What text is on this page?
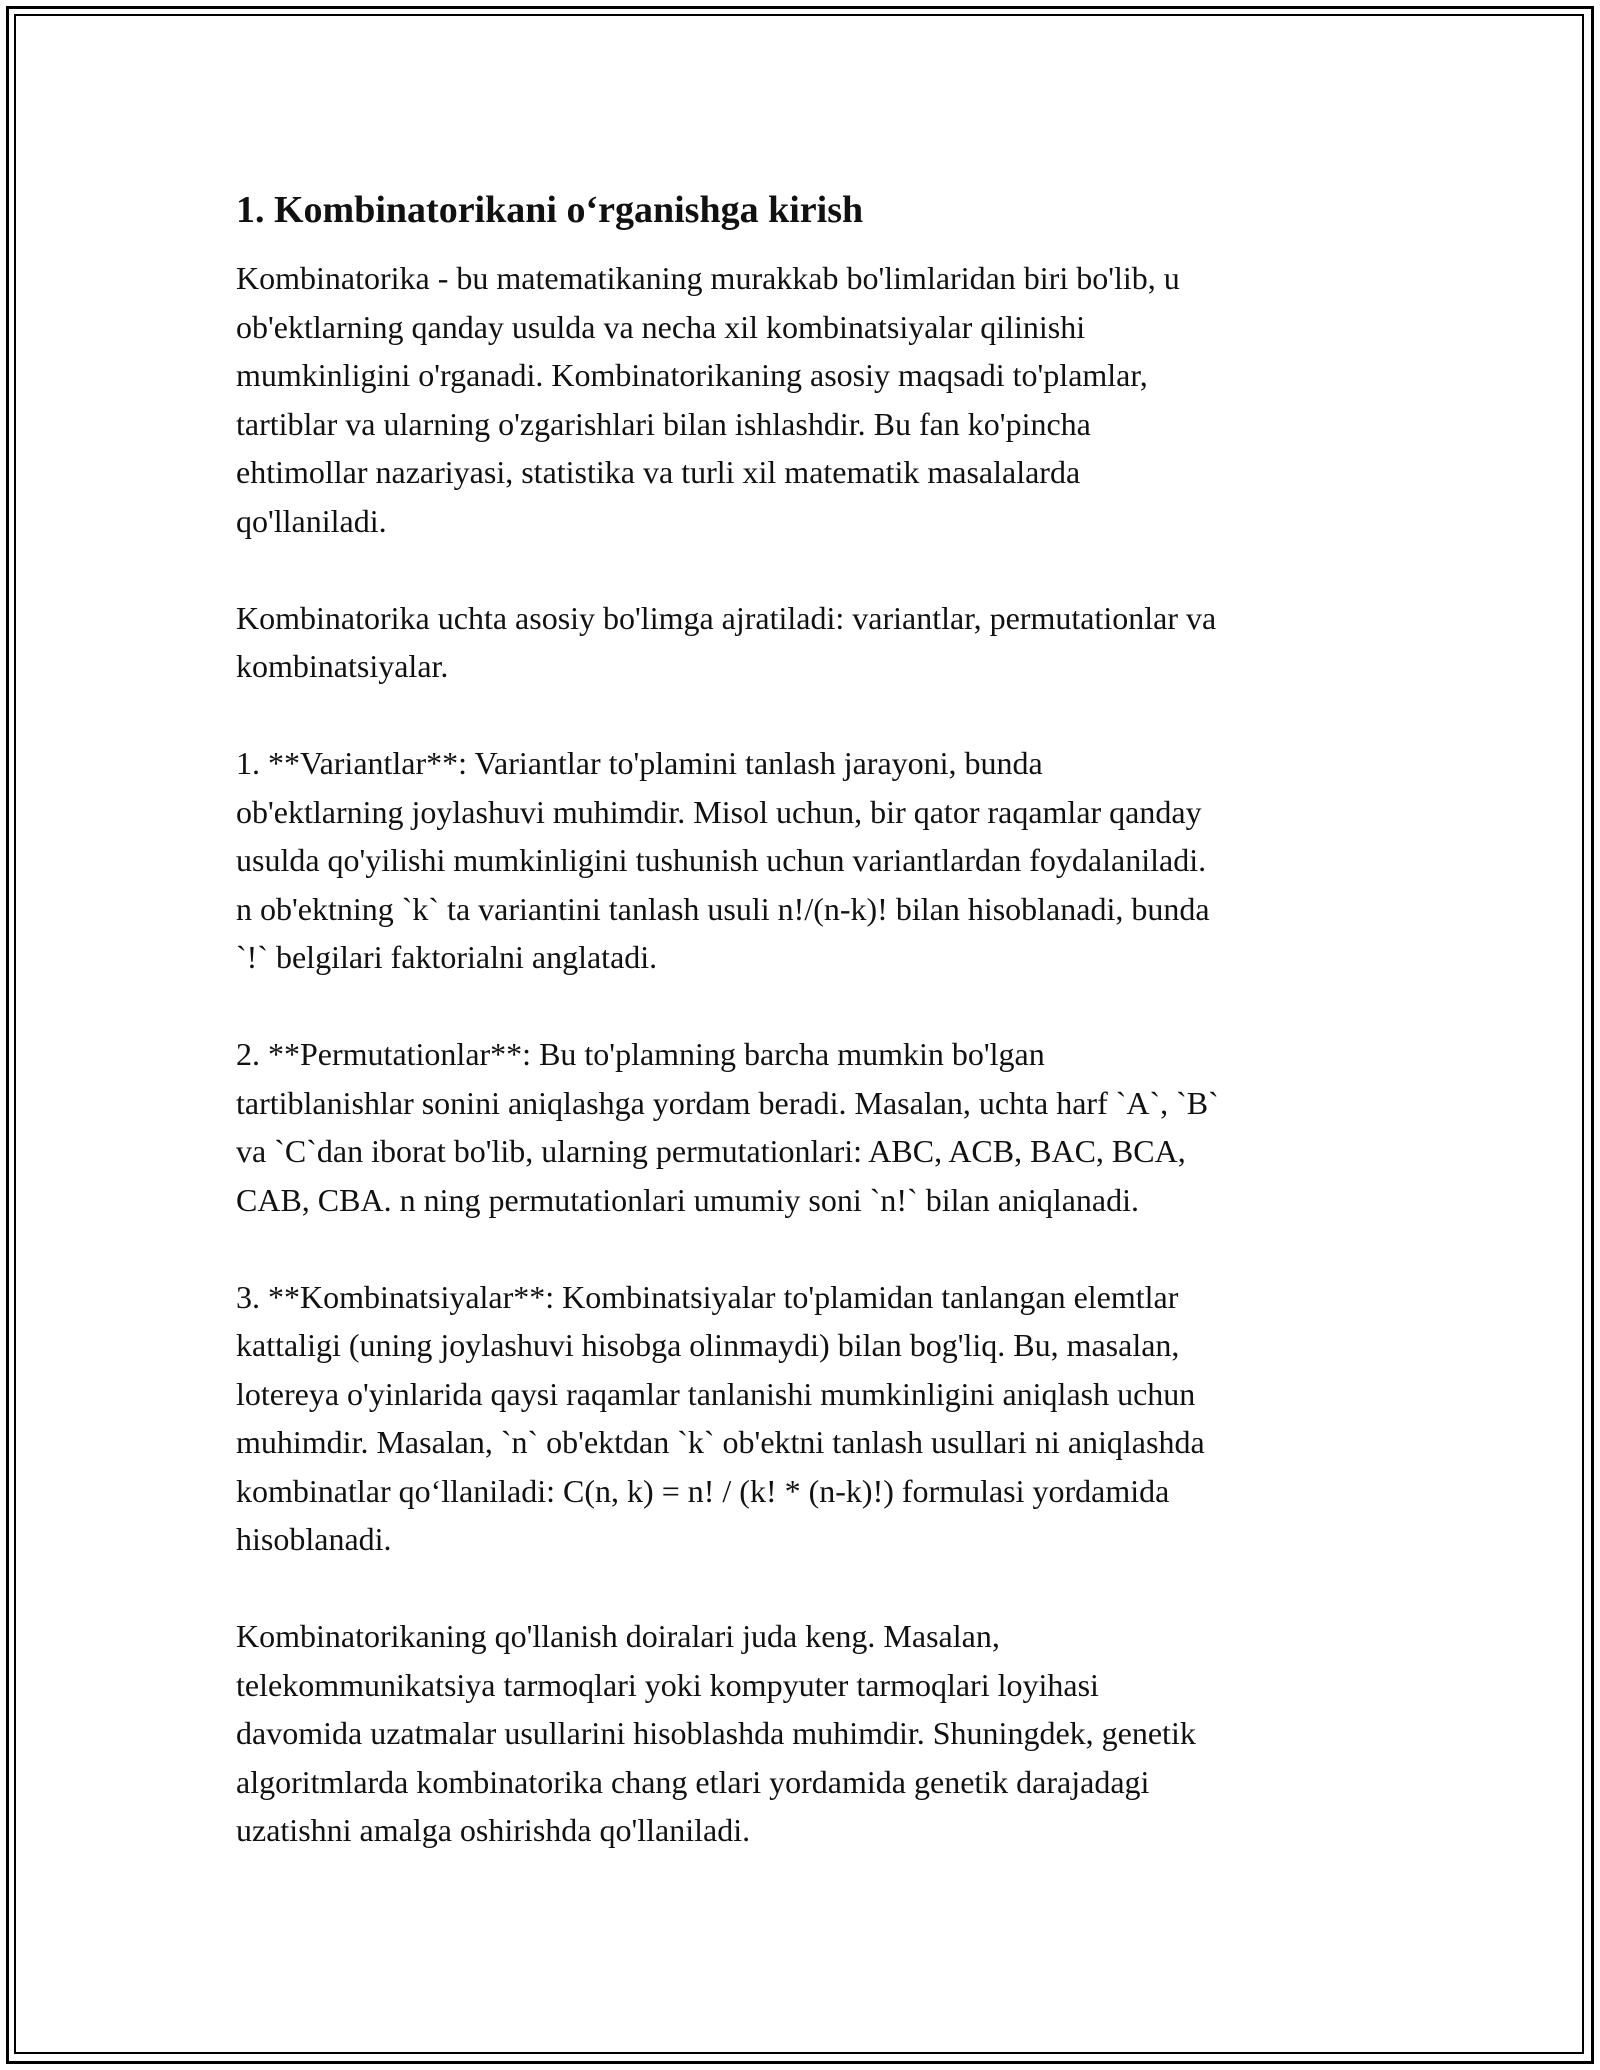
1. Kombinatorikani o‘rganishga kirish
Kombinatorika - bu matematikaning murakkab bo'limlaridan biri bo'lib, u
ob'ektlarning qanday usulda va necha xil kombinatsiyalar qilinishi
mumkinligini o'rganadi. Kombinatorikaning asosiy maqsadi to'plamlar,
tartiblar va ularning o'zgarishlari bilan ishlashdir. Bu fan ko'pincha
ehtimollar nazariyasi, statistika va turli xil matematik masalalarda
qo'llaniladi.
Kombinatorika uchta asosiy bo'limga ajratiladi: variantlar, permutationlar va
kombinatsiyalar.
1. **Variantlar**: Variantlar to'plamini tanlash jarayoni, bunda
ob'ektlarning joylashuvi muhimdir. Misol uchun, bir qator raqamlar qanday
usulda qo'yilishi mumkinligini tushunish uchun variantlardan foydalaniladi.
n ob'ektning `k` ta variantini tanlash usuli n!/(n-k)! bilan hisoblanadi, bunda
`!` belgilari faktorialni anglatadi.
2. **Permutationlar**: Bu to'plamning barcha mumkin bo'lgan
tartiblanishlar sonini aniqlashga yordam beradi. Masalan, uchta harf `A`, `B`
va `C`dan iborat bo'lib, ularning permutationlari: ABC, ACB, BAC, BCA,
CAB, CBA. n ning permutationlari umumiy soni `n!` bilan aniqlanadi.
3. **Kombinatsiyalar**: Kombinatsiyalar to'plamidan tanlangan elemtlar
kattaligi (uning joylashuvi hisobga olinmaydi) bilan bog'liq. Bu, masalan,
lotereya o'yinlarida qaysi raqamlar tanlanishi mumkinligini aniqlash uchun
muhimdir. Masalan, `n` ob'ektdan `k` ob'ektni tanlash usullari ni aniqlashda
kombinatlar qo‘llaniladi: C(n, k) = n! / (k! * (n-k)!) formulasi yordamida
hisoblanadi.
Kombinatorikaning qo'llanish doiralari juda keng. Masalan,
telekommunikatsiya tarmoqlari yoki kompyuter tarmoqlari loyihasi
davomida uzatmalar usullarini hisoblashda muhimdir. Shuningdek, genetik
algoritmlarda kombinatorika chang etlari yordamida genetik darajadagi
uzatishni amalga oshirishda qo'llaniladi.
